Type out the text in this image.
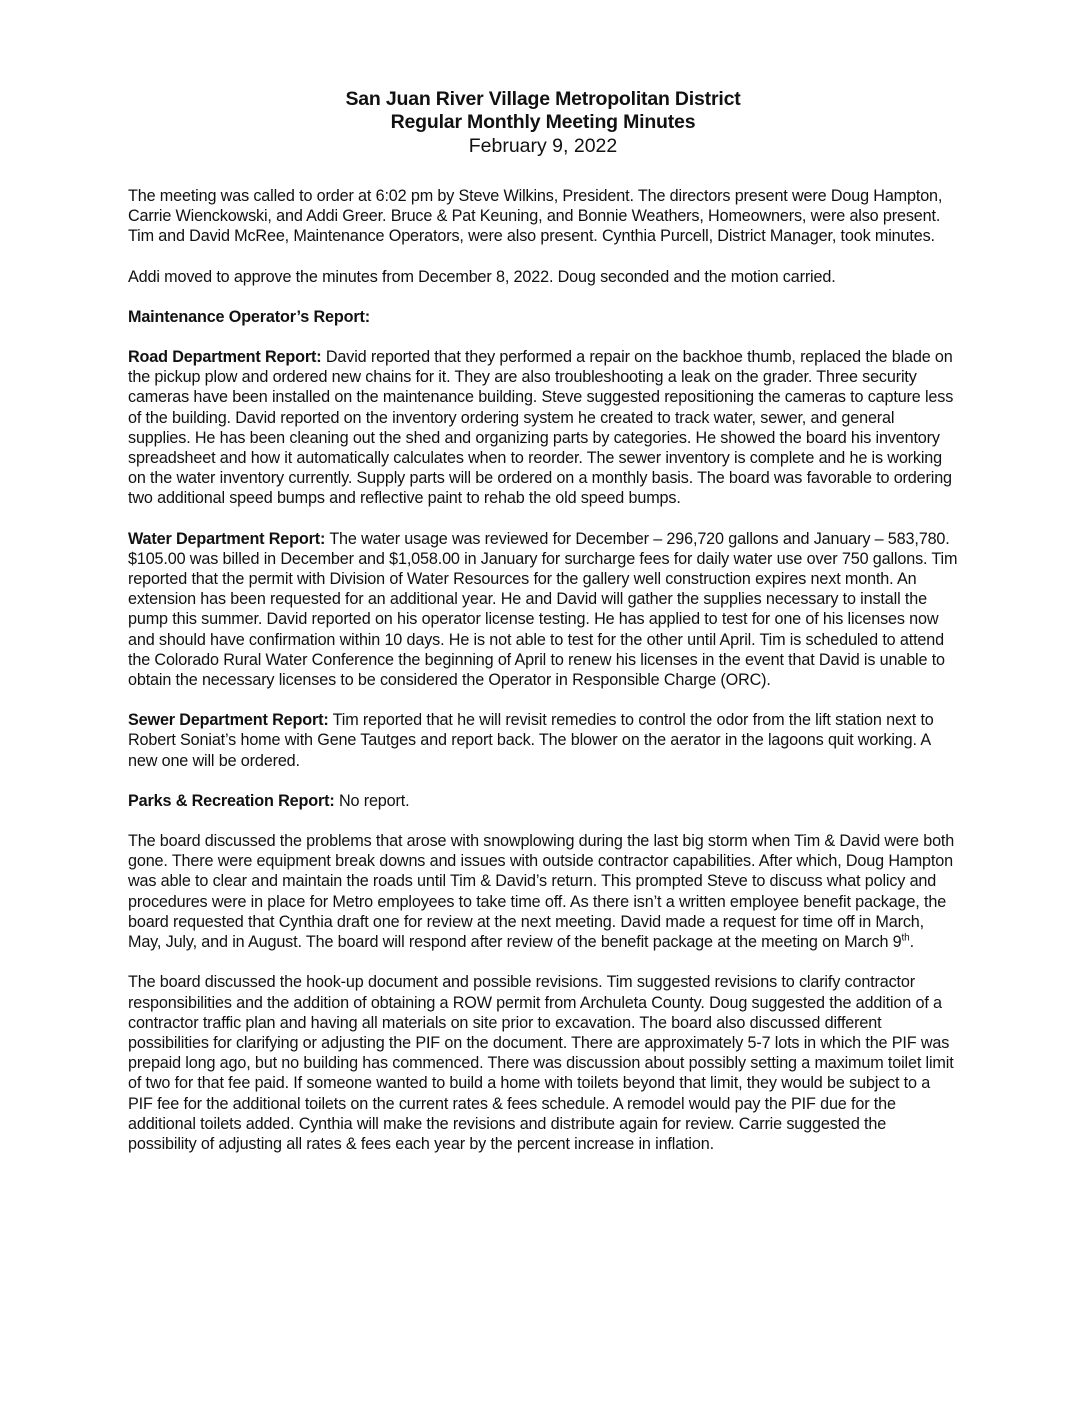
San Juan River Village Metropolitan District
Regular Monthly Meeting Minutes
February 9, 2022

The meeting was called to order at 6:02 pm by Steve Wilkins, President. The directors present were Doug Hampton, Carrie Wienckowski, and Addi Greer. Bruce & Pat Keuning, and Bonnie Weathers, Homeowners, were also present. Tim and David McRee, Maintenance Operators, were also present. Cynthia Purcell, District Manager, took minutes.

Addi moved to approve the minutes from December 8, 2022. Doug seconded and the motion carried.

Maintenance Operator’s Report:

Road Department Report: David reported that they performed a repair on the backhoe thumb, replaced the blade on the pickup plow and ordered new chains for it. They are also troubleshooting a leak on the grader. Three security cameras have been installed on the maintenance building. Steve suggested repositioning the cameras to capture less of the building. David reported on the inventory ordering system he created to track water, sewer, and general supplies. He has been cleaning out the shed and organizing parts by categories. He showed the board his inventory spreadsheet and how it automatically calculates when to reorder. The sewer inventory is complete and he is working on the water inventory currently. Supply parts will be ordered on a monthly basis. The board was favorable to ordering two additional speed bumps and reflective paint to rehab the old speed bumps.

Water Department Report: The water usage was reviewed for December – 296,720 gallons and January – 583,780. $105.00 was billed in December and $1,058.00 in January for surcharge fees for daily water use over 750 gallons. Tim reported that the permit with Division of Water Resources for the gallery well construction expires next month. An extension has been requested for an additional year. He and David will gather the supplies necessary to install the pump this summer. David reported on his operator license testing. He has applied to test for one of his licenses now and should have confirmation within 10 days. He is not able to test for the other until April. Tim is scheduled to attend the Colorado Rural Water Conference the beginning of April to renew his licenses in the event that David is unable to obtain the necessary licenses to be considered the Operator in Responsible Charge (ORC).

Sewer Department Report: Tim reported that he will revisit remedies to control the odor from the lift station next to Robert Soniat’s home with Gene Tautges and report back. The blower on the aerator in the lagoons quit working. A new one will be ordered.

Parks & Recreation Report: No report.

The board discussed the problems that arose with snowplowing during the last big storm when Tim & David were both gone. There were equipment break downs and issues with outside contractor capabilities. After which, Doug Hampton was able to clear and maintain the roads until Tim & David’s return. This prompted Steve to discuss what policy and procedures were in place for Metro employees to take time off. As there isn’t a written employee benefit package, the board requested that Cynthia draft one for review at the next meeting. David made a request for time off in March, May, July, and in August. The board will respond after review of the benefit package at the meeting on March 9th.

The board discussed the hook-up document and possible revisions. Tim suggested revisions to clarify contractor responsibilities and the addition of obtaining a ROW permit from Archuleta County. Doug suggested the addition of a contractor traffic plan and having all materials on site prior to excavation. The board also discussed different possibilities for clarifying or adjusting the PIF on the document. There are approximately 5-7 lots in which the PIF was prepaid long ago, but no building has commenced. There was discussion about possibly setting a maximum toilet limit of two for that fee paid. If someone wanted to build a home with toilets beyond that limit, they would be subject to a PIF fee for the additional toilets on the current rates & fees schedule. A remodel would pay the PIF due for the additional toilets added. Cynthia will make the revisions and distribute again for review. Carrie suggested the possibility of adjusting all rates & fees each year by the percent increase in inflation.
